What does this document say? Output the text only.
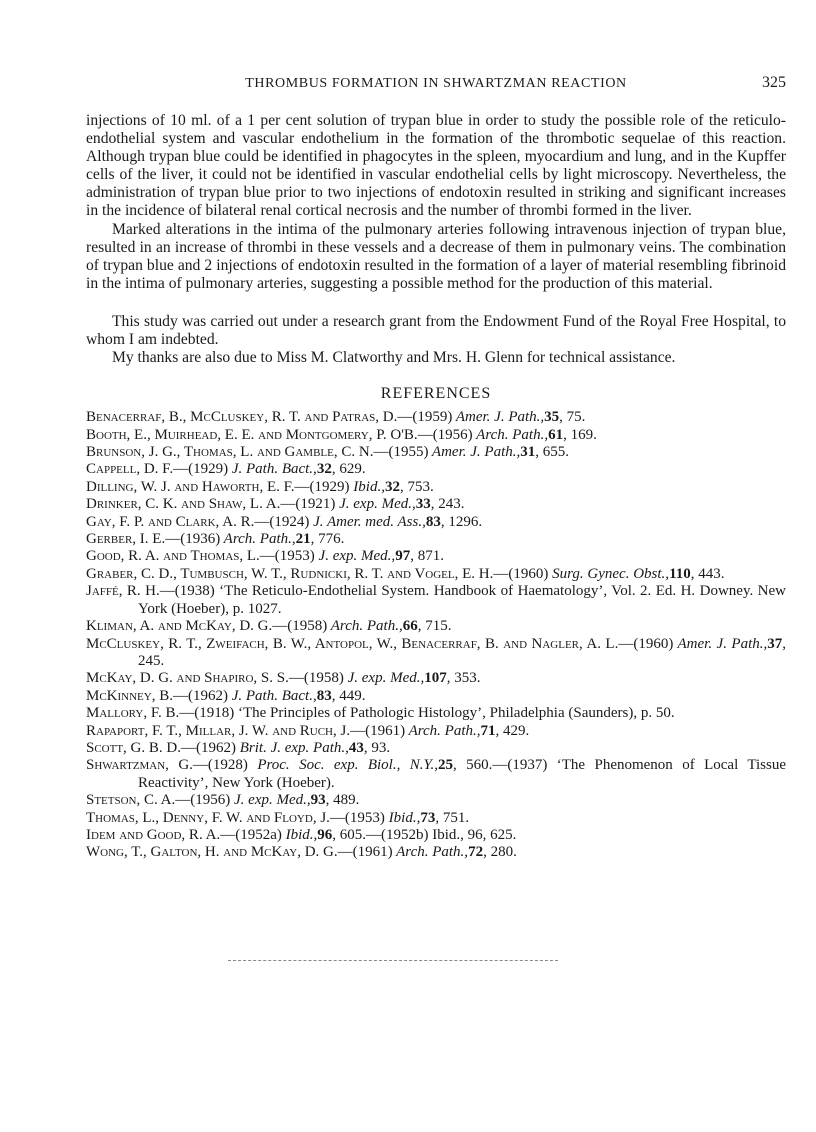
THROMBUS FORMATION IN SHWARTZMAN REACTION	325

injections of 10 ml. of a 1 per cent solution of trypan blue in order to study the possible role of the reticulo-endothelial system and vascular endothelium in the formation of the thrombotic sequelae of this reaction. Although trypan blue could be identified in phagocytes in the spleen, myocardium and lung, and in the Kupffer cells of the liver, it could not be identified in vascular endothelial cells by light microscopy. Nevertheless, the administration of trypan blue prior to two injections of endotoxin resulted in striking and significant increases in the incidence of bilateral renal cortical necrosis and the number of thrombi formed in the liver.

Marked alterations in the intima of the pulmonary arteries following intravenous injection of trypan blue, resulted in an increase of thrombi in these vessels and a decrease of them in pulmonary veins. The combination of trypan blue and 2 injections of endotoxin resulted in the formation of a layer of material resembling fibrinoid in the intima of pulmonary arteries, suggesting a possible method for the production of this material.

This study was carried out under a research grant from the Endowment Fund of the Royal Free Hospital, to whom I am indebted.

My thanks are also due to Miss M. Clatworthy and Mrs. H. Glenn for technical assistance.

REFERENCES
Benacerraf, B., McCluskey, R. T. and Patras, D.—(1959) Amer. J. Path.,35, 75.
Booth, E., Muirhead, E. E. and Montgomery, P. O'B.—(1956) Arch. Path.,61, 169.
Brunson, J. G., Thomas, L. and Gamble, C. N.—(1955) Amer. J. Path.,31, 655.
Cappell, D. F.—(1929) J. Path. Bact.,32, 629.
Dilling, W. J. and Haworth, E. F.—(1929) Ibid.,32, 753.
Drinker, C. K. and Shaw, L. A.—(1921) J. exp. Med.,33, 243.
Gay, F. P. and Clark, A. R.—(1924) J. Amer. med. Ass.,83, 1296.
Gerber, I. E.—(1936) Arch. Path.,21, 776.
Good, R. A. and Thomas, L.—(1953) J. exp. Med.,97, 871.
Graber, C. D., Tumbusch, W. T., Rudnicki, R. T. and Vogel, E. H.—(1960) Surg. Gynec. Obst.,110, 443.
Jaffé, R. H.—(1938) ‘The Reticulo-Endothelial System. Handbook of Haematology’, Vol. 2. Ed. H. Downey. New York (Hoeber), p. 1027.
Kliman, A. and McKay, D. G.—(1958) Arch. Path.,66, 715.
McCluskey, R. T., Zweifach, B. W., Antopol, W., Benacerraf, B. and Nagler, A. L.—(1960) Amer. J. Path.,37, 245.
McKay, D. G. and Shapiro, S. S.—(1958) J. exp. Med.,107, 353.
McKinney, B.—(1962) J. Path. Bact.,83, 449.
Mallory, F. B.—(1918) ‘The Principles of Pathologic Histology’, Philadelphia (Saunders), p. 50.
Rapaport, F. T., Millar, J. W. and Ruch, J.—(1961) Arch. Path.,71, 429.
Scott, G. B. D.—(1962) Brit. J. exp. Path.,43, 93.
Shwartzman, G.—(1928) Proc. Soc. exp. Biol., N.Y.,25, 560.—(1937) ‘The Phenomenon of Local Tissue Reactivity’, New York (Hoeber).
Stetson, C. A.—(1956) J. exp. Med.,93, 489.
Thomas, L., Denny, F. W. and Floyd, J.—(1953) Ibid.,73, 751.
Idem and Good, R. A.—(1952a) Ibid.,96, 605.—(1952b) Ibid., 96, 625.
Wong, T., Galton, H. and McKay, D. G.—(1961) Arch. Path.,72, 280.
